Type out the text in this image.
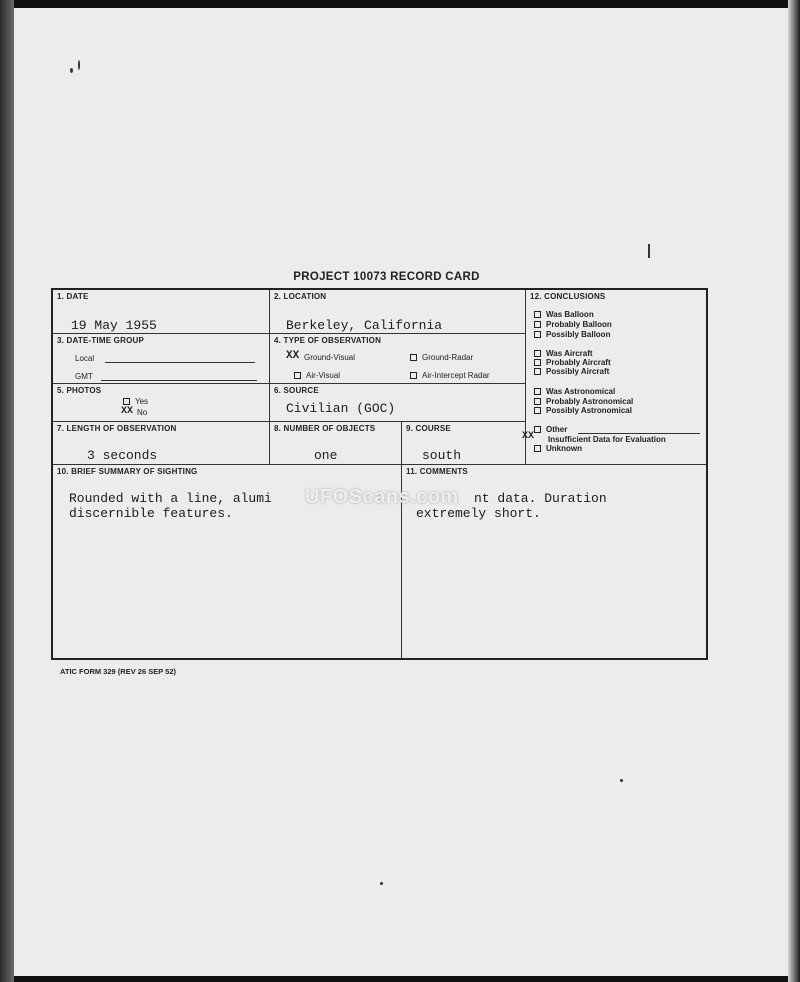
PROJECT 10073 RECORD CARD
1. DATE
19 May 1955
2. LOCATION
Berkeley, California
3. DATE-TIME GROUP
Local
GMT
4. TYPE OF OBSERVATION
XX Ground-Visual	Ground-Radar
Air-Visual	Air-Intercept Radar
5. PHOTOS
Yes
XX No
6. SOURCE
Civilian (GOC)
7. LENGTH OF OBSERVATION
3 seconds
8. NUMBER OF OBJECTS
one
9. COURSE
south
12. CONCLUSIONS
Was Balloon
Probably Balloon
Possibly Balloon
Was Aircraft
Probably Aircraft
Possibly Aircraft
Was Astronomical
Probably Astronomical
Possibly Astronomical
Other
XX Insufficient Data for Evaluation
Unknown
10. BRIEF SUMMARY OF SIGHTING
Rounded with a line, alumi
discernible features.
11. COMMENTS
nt data. Duration
extremely short.
UFOScans.com
ATIC FORM 329 (REV 26 SEP 52)
